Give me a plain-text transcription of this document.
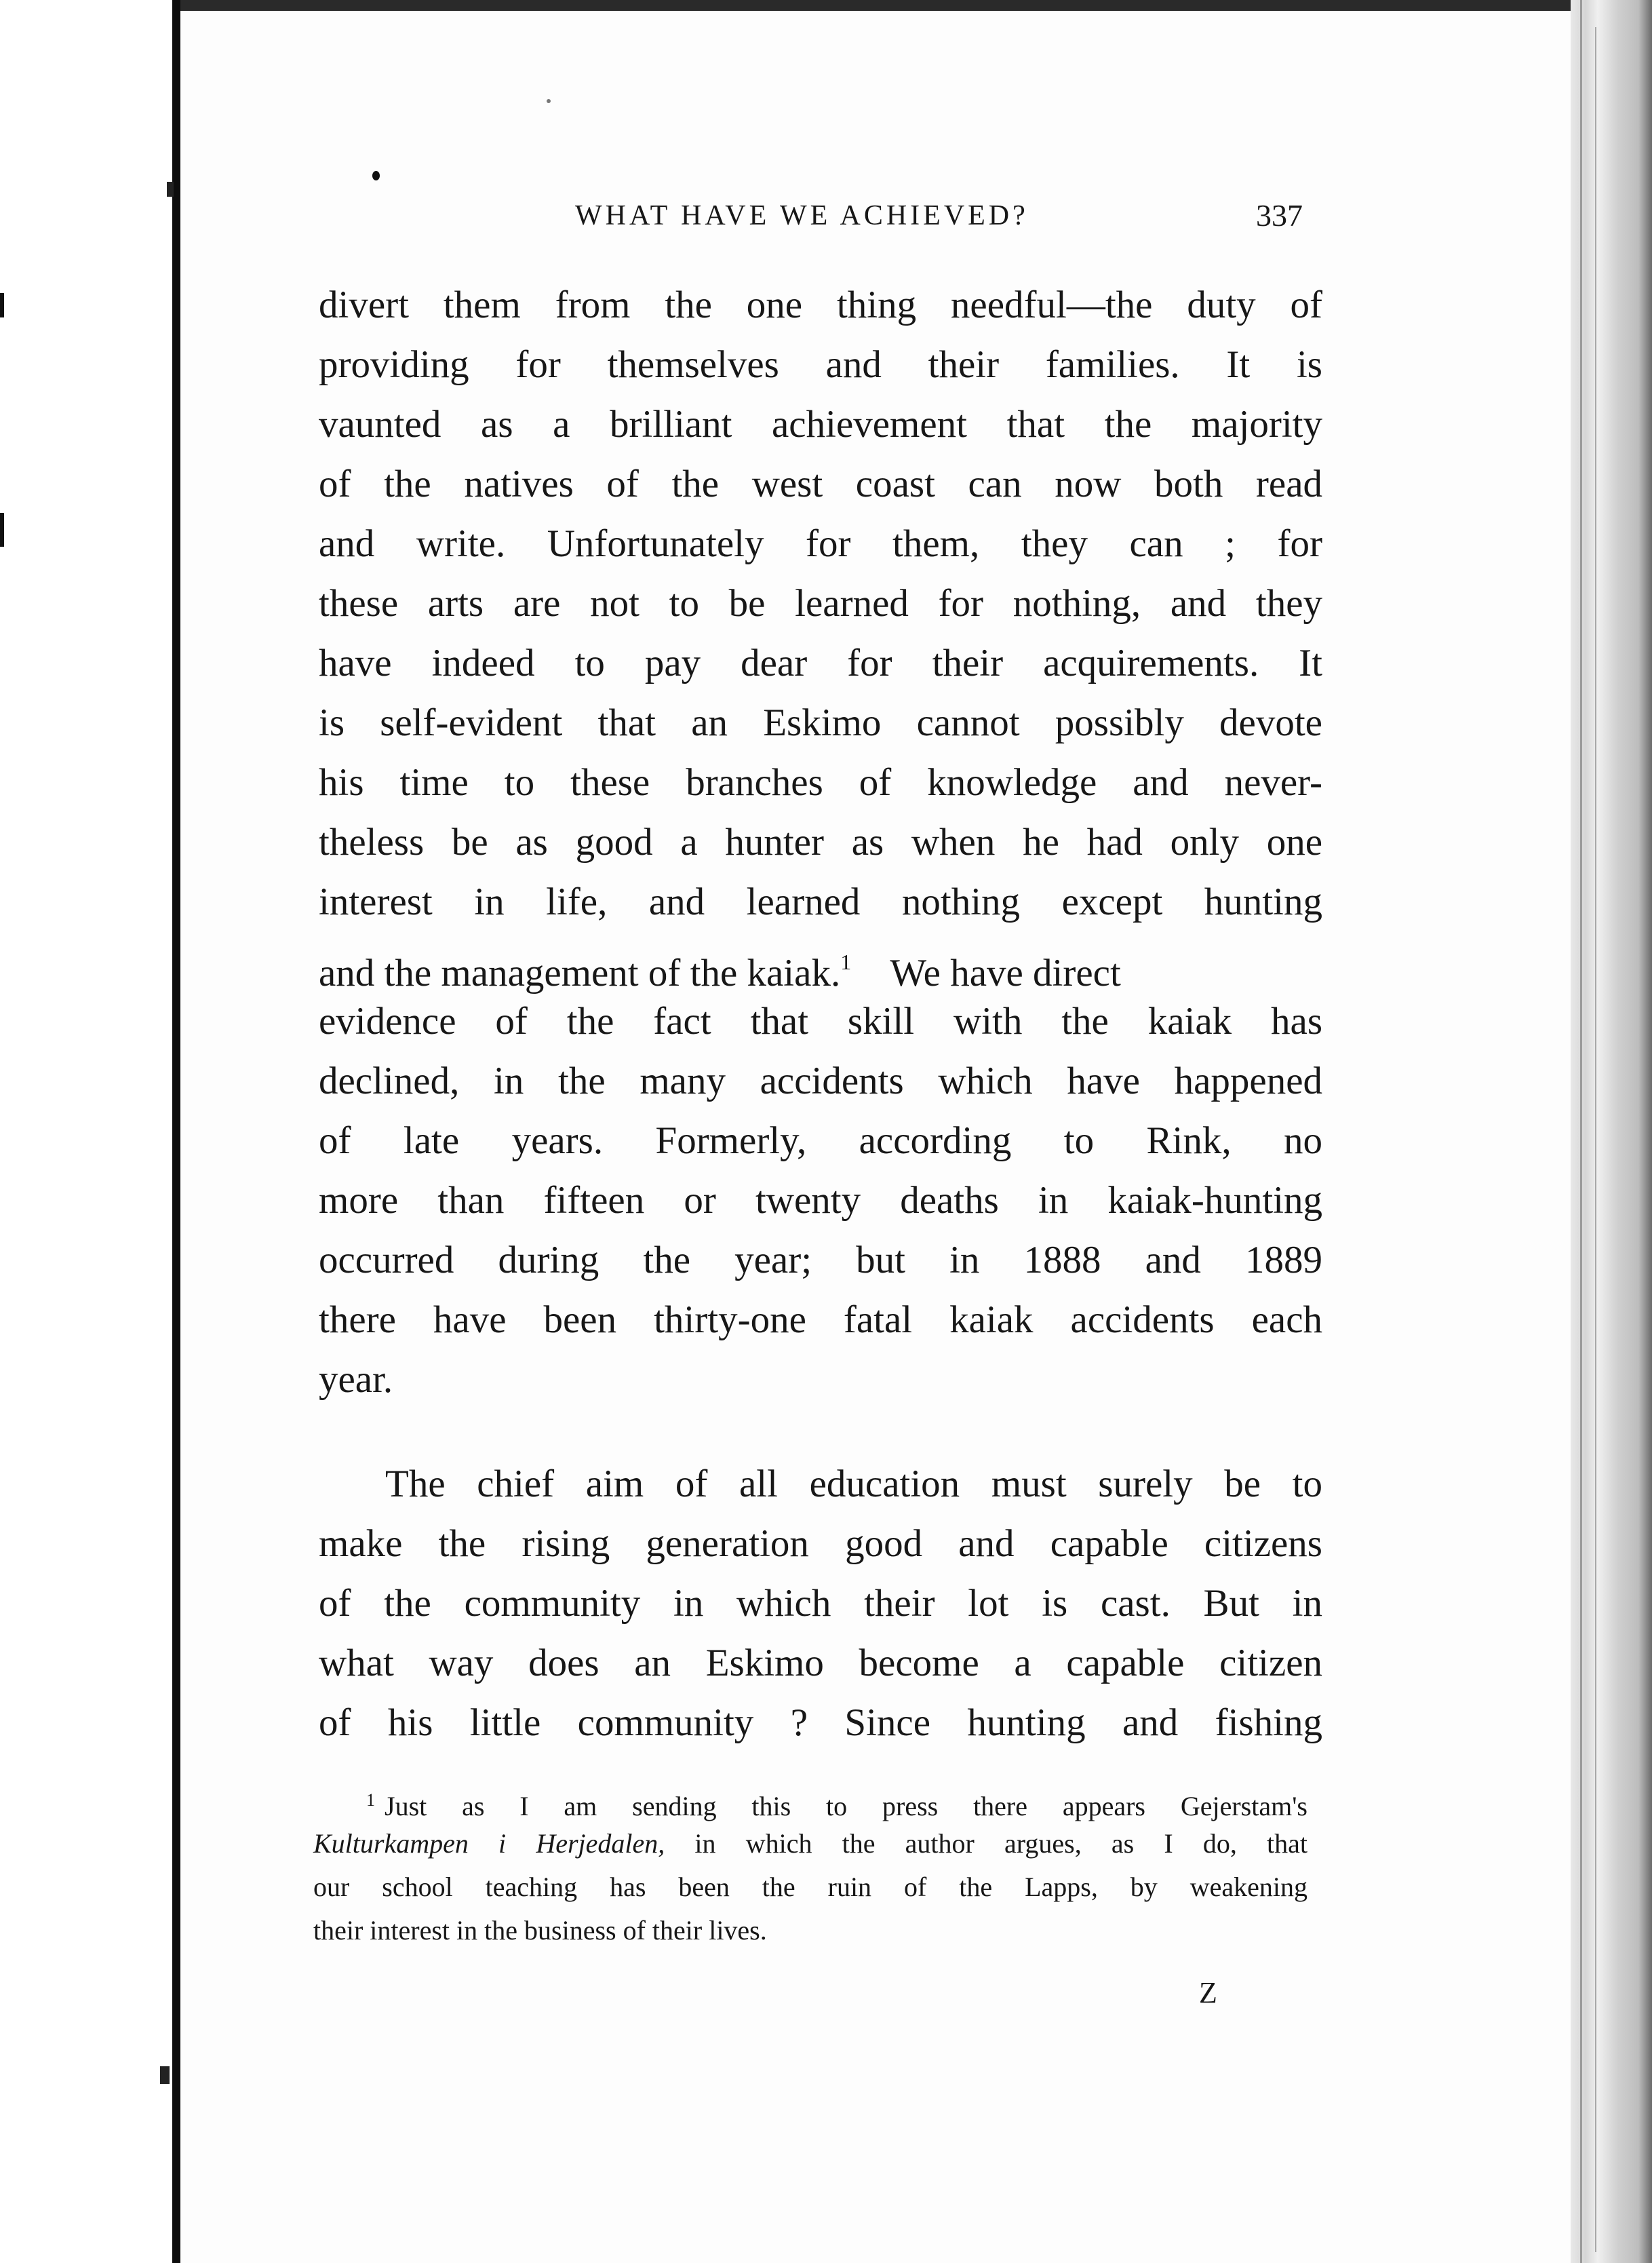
WHAT HAVE WE ACHIEVED?	337
divert them from the one thing needful—the duty of
providing for themselves and their families. It is
vaunted as a brilliant achievement that the majority
of the natives of the west coast can now both read
and write. Unfortunately for them, they can ; for
these arts are not to be learned for nothing, and they
have indeed to pay dear for their acquirements. It
is self-evident that an Eskimo cannot possibly devote
his time to these branches of knowledge and never-
theless be as good a hunter as when he had only one
interest in life, and learned nothing except hunting
and the management of the kaiak.$^1$ We have direct
evidence of the fact that skill with the kaiak has
declined, in the many accidents which have happened
of late years. Formerly, according to Rink, no
more than fifteen or twenty deaths in kaiak-hunting
occurred during the year; but in 1888 and 1889
there have been thirty-one fatal kaiak accidents each
year.
The chief aim of all education must surely be to
make the rising generation good and capable citizens
of the community in which their lot is cast. But in
what way does an Eskimo become a capable citizen
of his little community ? Since hunting and fishing
$^1$ Just as I am sending this to press there appears Gejerstam's
Kulturkampen i Herjedalen, in which the author argues, as I do, that
our school teaching has been the ruin of the Lapps, by weakening
their interest in the business of their lives.
Z
